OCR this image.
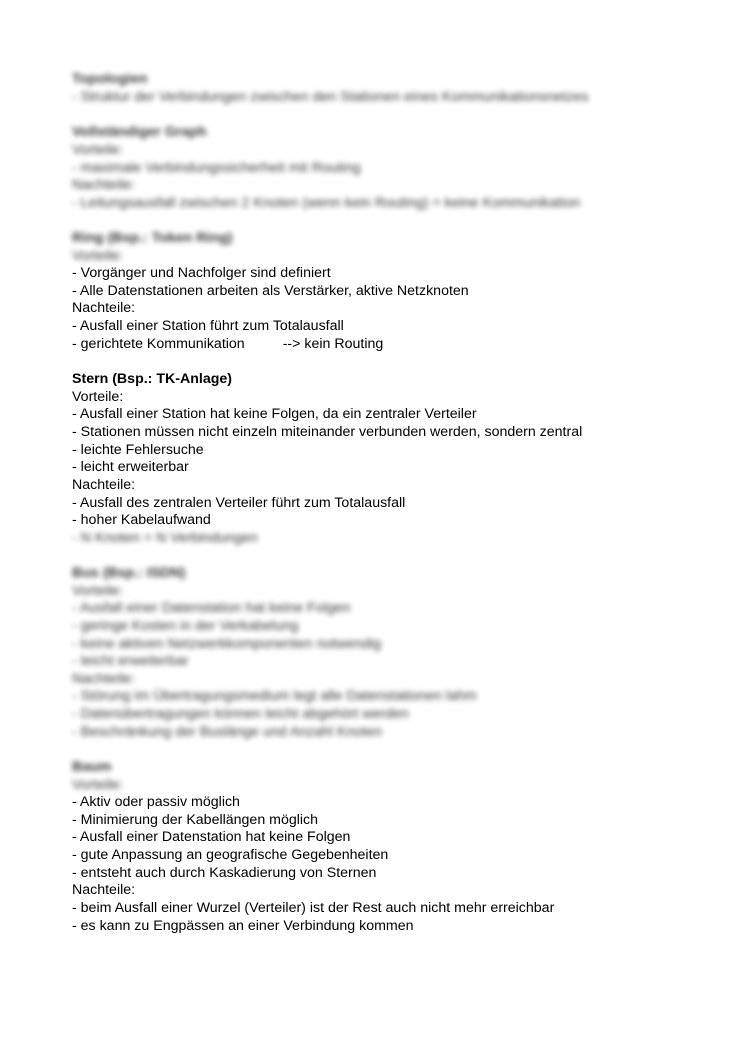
Topologien
- Struktur der Verbindungen zwischen den Stationen eines Kommunikationsnetzes
Vollständiger Graph
Vorteile:
- maximale Verbindungssicherheit mit Routing
Nachteile:
- Leitungsausfall zwischen 2 Knoten (wenn kein Routing) = keine Kommunikation
Ring (Bsp.: Token Ring)
Vorteile:
- Vorgänger und Nachfolger sind definiert
- Alle Datenstationen arbeiten als Verstärker, aktive Netzknoten
Nachteile:
- Ausfall einer Station führt zum Totalausfall
- gerichtete Kommunikation	--> kein Routing
Stern (Bsp.: TK-Anlage)
Vorteile:
- Ausfall einer Station hat keine Folgen, da ein zentraler Verteiler
- Stationen müssen nicht einzeln miteinander verbunden werden, sondern zentral
- leichte Fehlersuche
- leicht erweiterbar
Nachteile:
- Ausfall des zentralen Verteiler führt zum Totalausfall
- hoher Kabelaufwand
- N Knoten = N Verbindungen
Bus (Bsp.: ISDN)
Vorteile:
- Ausfall einer Datenstation hat keine Folgen
- geringe Kosten in der Verkabelung
- keine aktiven Netzwerkkomponenten notwendig
- leicht erweiterbar
Nachteile:
- Störung im Übertragungsmedium legt alle Datenstationen lahm
- Datenübertragungen können leicht abgehört werden
- Beschränkung der Buslänge und Anzahl Knoten
Baum
Vorteile:
- Aktiv oder passiv möglich
- Minimierung der Kabellängen möglich
- Ausfall einer Datenstation hat keine Folgen
- gute Anpassung an geografische Gegebenheiten
- entsteht auch durch Kaskadierung von Sternen
Nachteile:
- beim Ausfall einer Wurzel (Verteiler) ist der Rest auch nicht mehr erreichbar
- es kann zu Engpässen an einer Verbindung kommen
